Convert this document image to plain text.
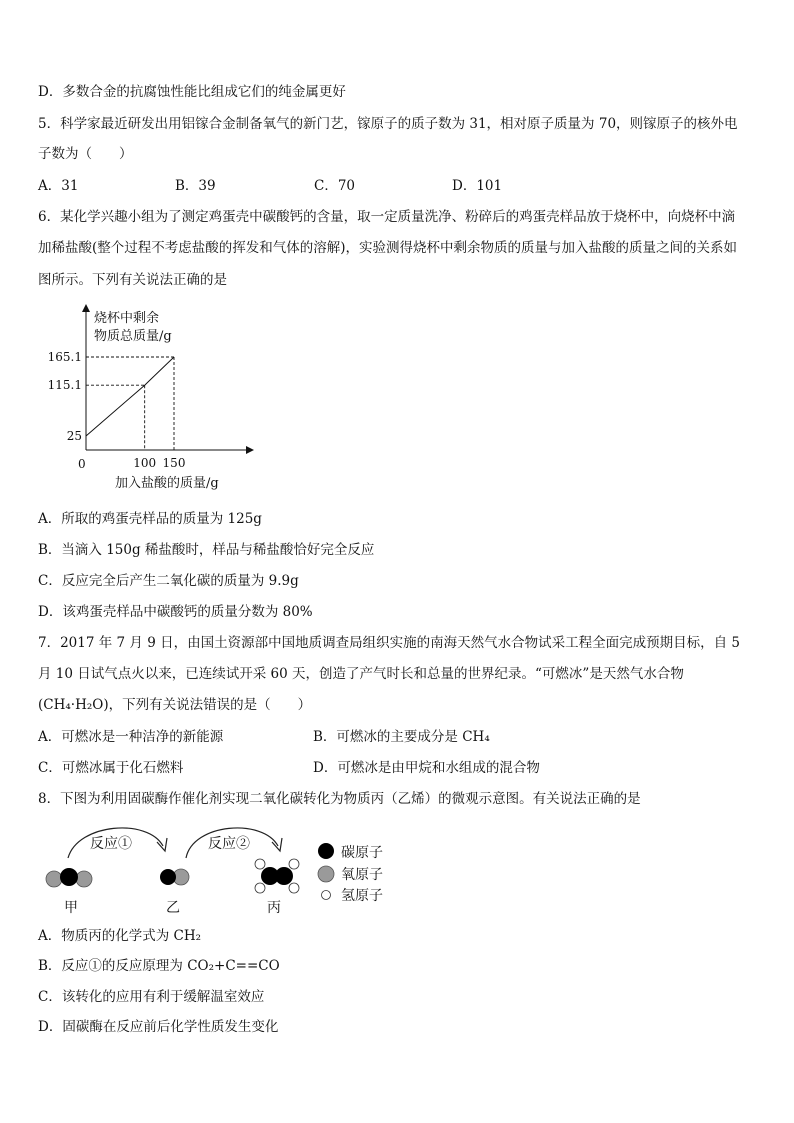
D．多数合金的抗腐蚀性能比组成它们的纯金属更好
5．科学家最近研发出用铝镓合金制备氧气的新门艺，镓原子的质子数为 31，相对原子质量为 70，则镓原子的核外电
子数为（　　）
A．31	B．39	C．70	D．101
6．某化学兴趣小组为了测定鸡蛋壳中碳酸钙的含量，取一定质量洗净、粉碎后的鸡蛋壳样品放于烧杯中，向烧杯中滴
加稀盐酸(整个过程不考虑盐酸的挥发和气体的溶解)，实验测得烧杯中剩余物质的质量与加入盐酸的质量之间的关系如
图所示。下列有关说法正确的是
烧杯中剩余
物质总质量/g
加入盐酸的质量/g
0
165.1
115.1
25
100 150
A．所取的鸡蛋壳样品的质量为 125g
B．当滴入 150g 稀盐酸时，样品与稀盐酸恰好完全反应
C．反应完全后产生二氧化碳的质量为 9.9g
D．该鸡蛋壳样品中碳酸钙的质量分数为 80%
7．2017 年 7 月 9 日，由国土资源部中国地质调查局组织实施的南海天然气水合物试采工程全面完成预期目标，自 5
月 10 日试气点火以来，已连续试开采 60 天，创造了产气时长和总量的世界纪录。“可燃冰”是天然气水合物
(CH₄·H₂O)，下列有关说法错误的是（　　）
A．可燃冰是一种洁净的新能源	B．可燃冰的主要成分是 CH₄
C．可燃冰属于化石燃料	D．可燃冰是由甲烷和水组成的混合物
8．下图为利用固碳酶作催化剂实现二氧化碳转化为物质丙（乙烯）的微观示意图。有关说法正确的是
反应①	反应②
甲	乙	丙
碳原子
氧原子
氢原子
A．物质丙的化学式为 CH₂
B．反应①的反应原理为 CO₂+C==CO
C．该转化的应用有利于缓解温室效应
D．固碳酶在反应前后化学性质发生变化
